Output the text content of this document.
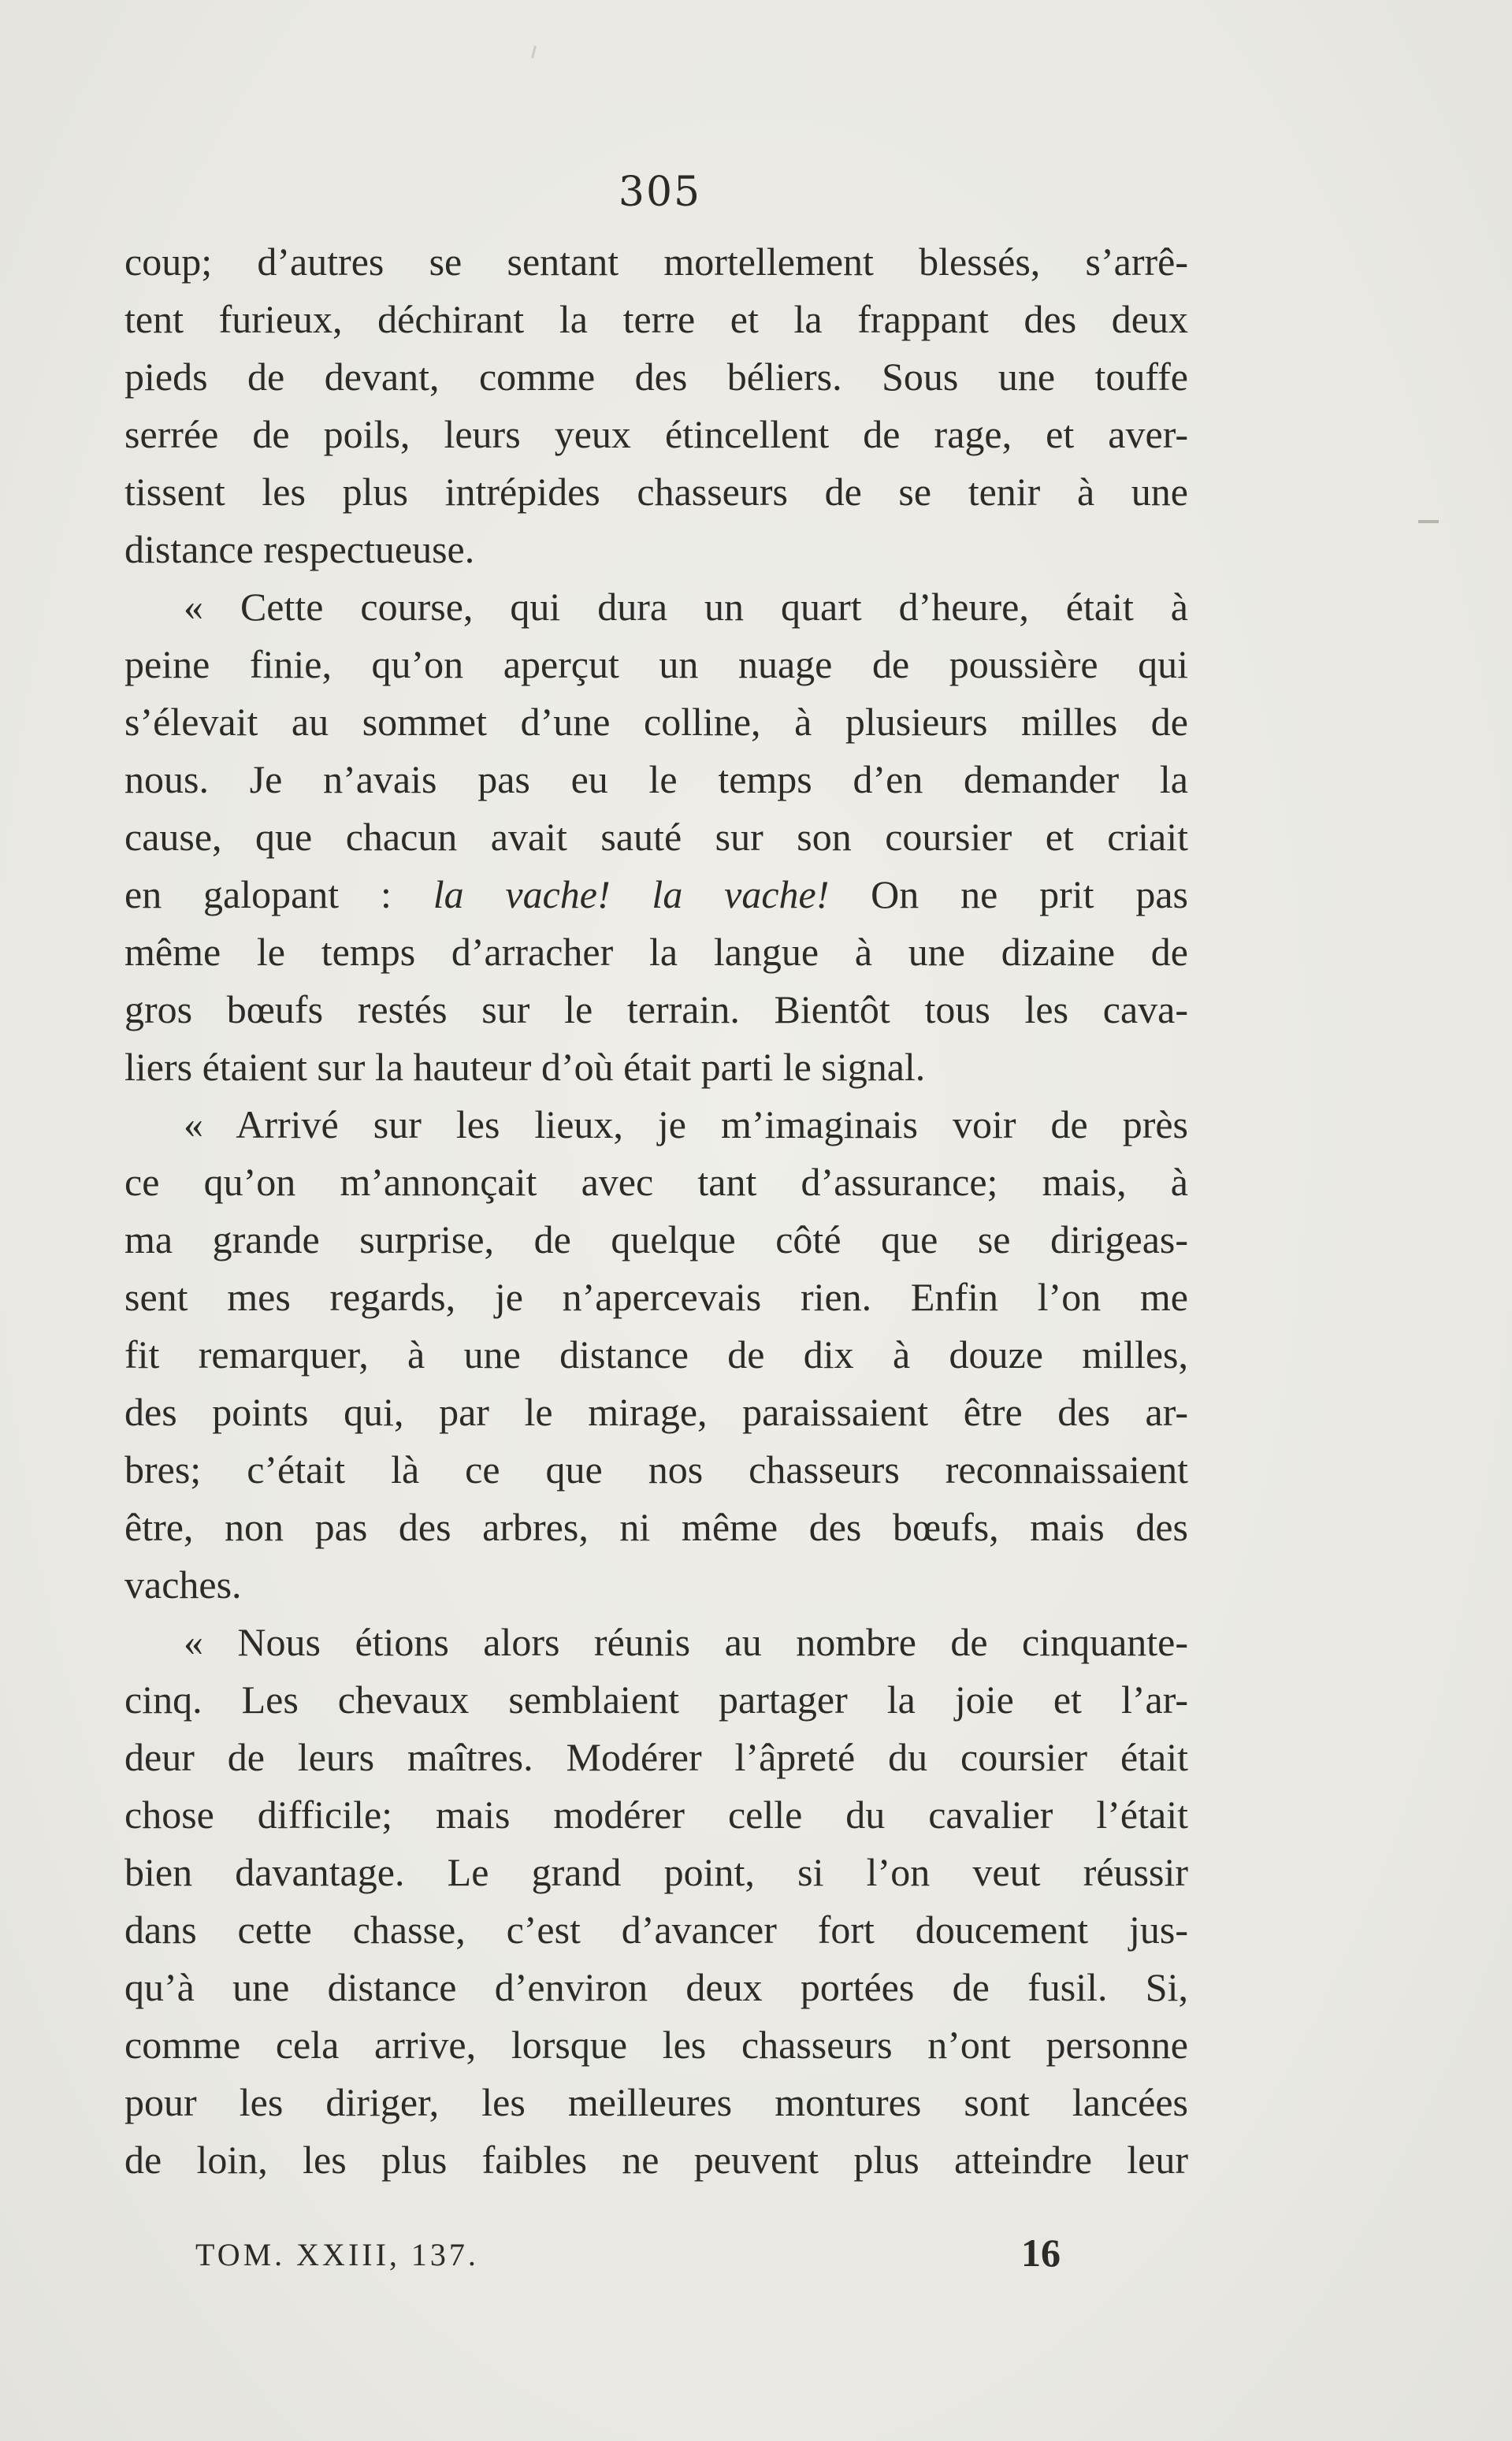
305
coup; d’autres se sentant mortellement blessés, s’arrê-
tent furieux, déchirant la terre et la frappant des deux
pieds de devant, comme des béliers. Sous une touffe
serrée de poils, leurs yeux étincellent de rage, et aver-
tissent les plus intrépides chasseurs de se tenir à une
distance respectueuse.
« Cette course, qui dura un quart d’heure, était à
peine finie, qu’on aperçut un nuage de poussière qui
s’élevait au sommet d’une colline, à plusieurs milles de
nous. Je n’avais pas eu le temps d’en demander la
cause, que chacun avait sauté sur son coursier et criait
en galopant : la vache! la vache! On ne prit pas
même le temps d’arracher la langue à une dizaine de
gros bœufs restés sur le terrain. Bientôt tous les cava-
liers étaient sur la hauteur d’où était parti le signal.
« Arrivé sur les lieux, je m’imaginais voir de près
ce qu’on m’annonçait avec tant d’assurance; mais, à
ma grande surprise, de quelque côté que se dirigeas-
sent mes regards, je n’apercevais rien. Enfin l’on me
fit remarquer, à une distance de dix à douze milles,
des points qui, par le mirage, paraissaient être des ar-
bres; c’était là ce que nos chasseurs reconnaissaient
être, non pas des arbres, ni même des bœufs, mais des
vaches.
« Nous étions alors réunis au nombre de cinquante-
cinq. Les chevaux semblaient partager la joie et l’ar-
deur de leurs maîtres. Modérer l’âpreté du coursier était
chose difficile; mais modérer celle du cavalier l’était
bien davantage. Le grand point, si l’on veut réussir
dans cette chasse, c’est d’avancer fort doucement jus-
qu’à une distance d’environ deux portées de fusil. Si,
comme cela arrive, lorsque les chasseurs n’ont personne
pour les diriger, les meilleures montures sont lancées
de loin, les plus faibles ne peuvent plus atteindre leur
TOM. XXIII, 137.	16
